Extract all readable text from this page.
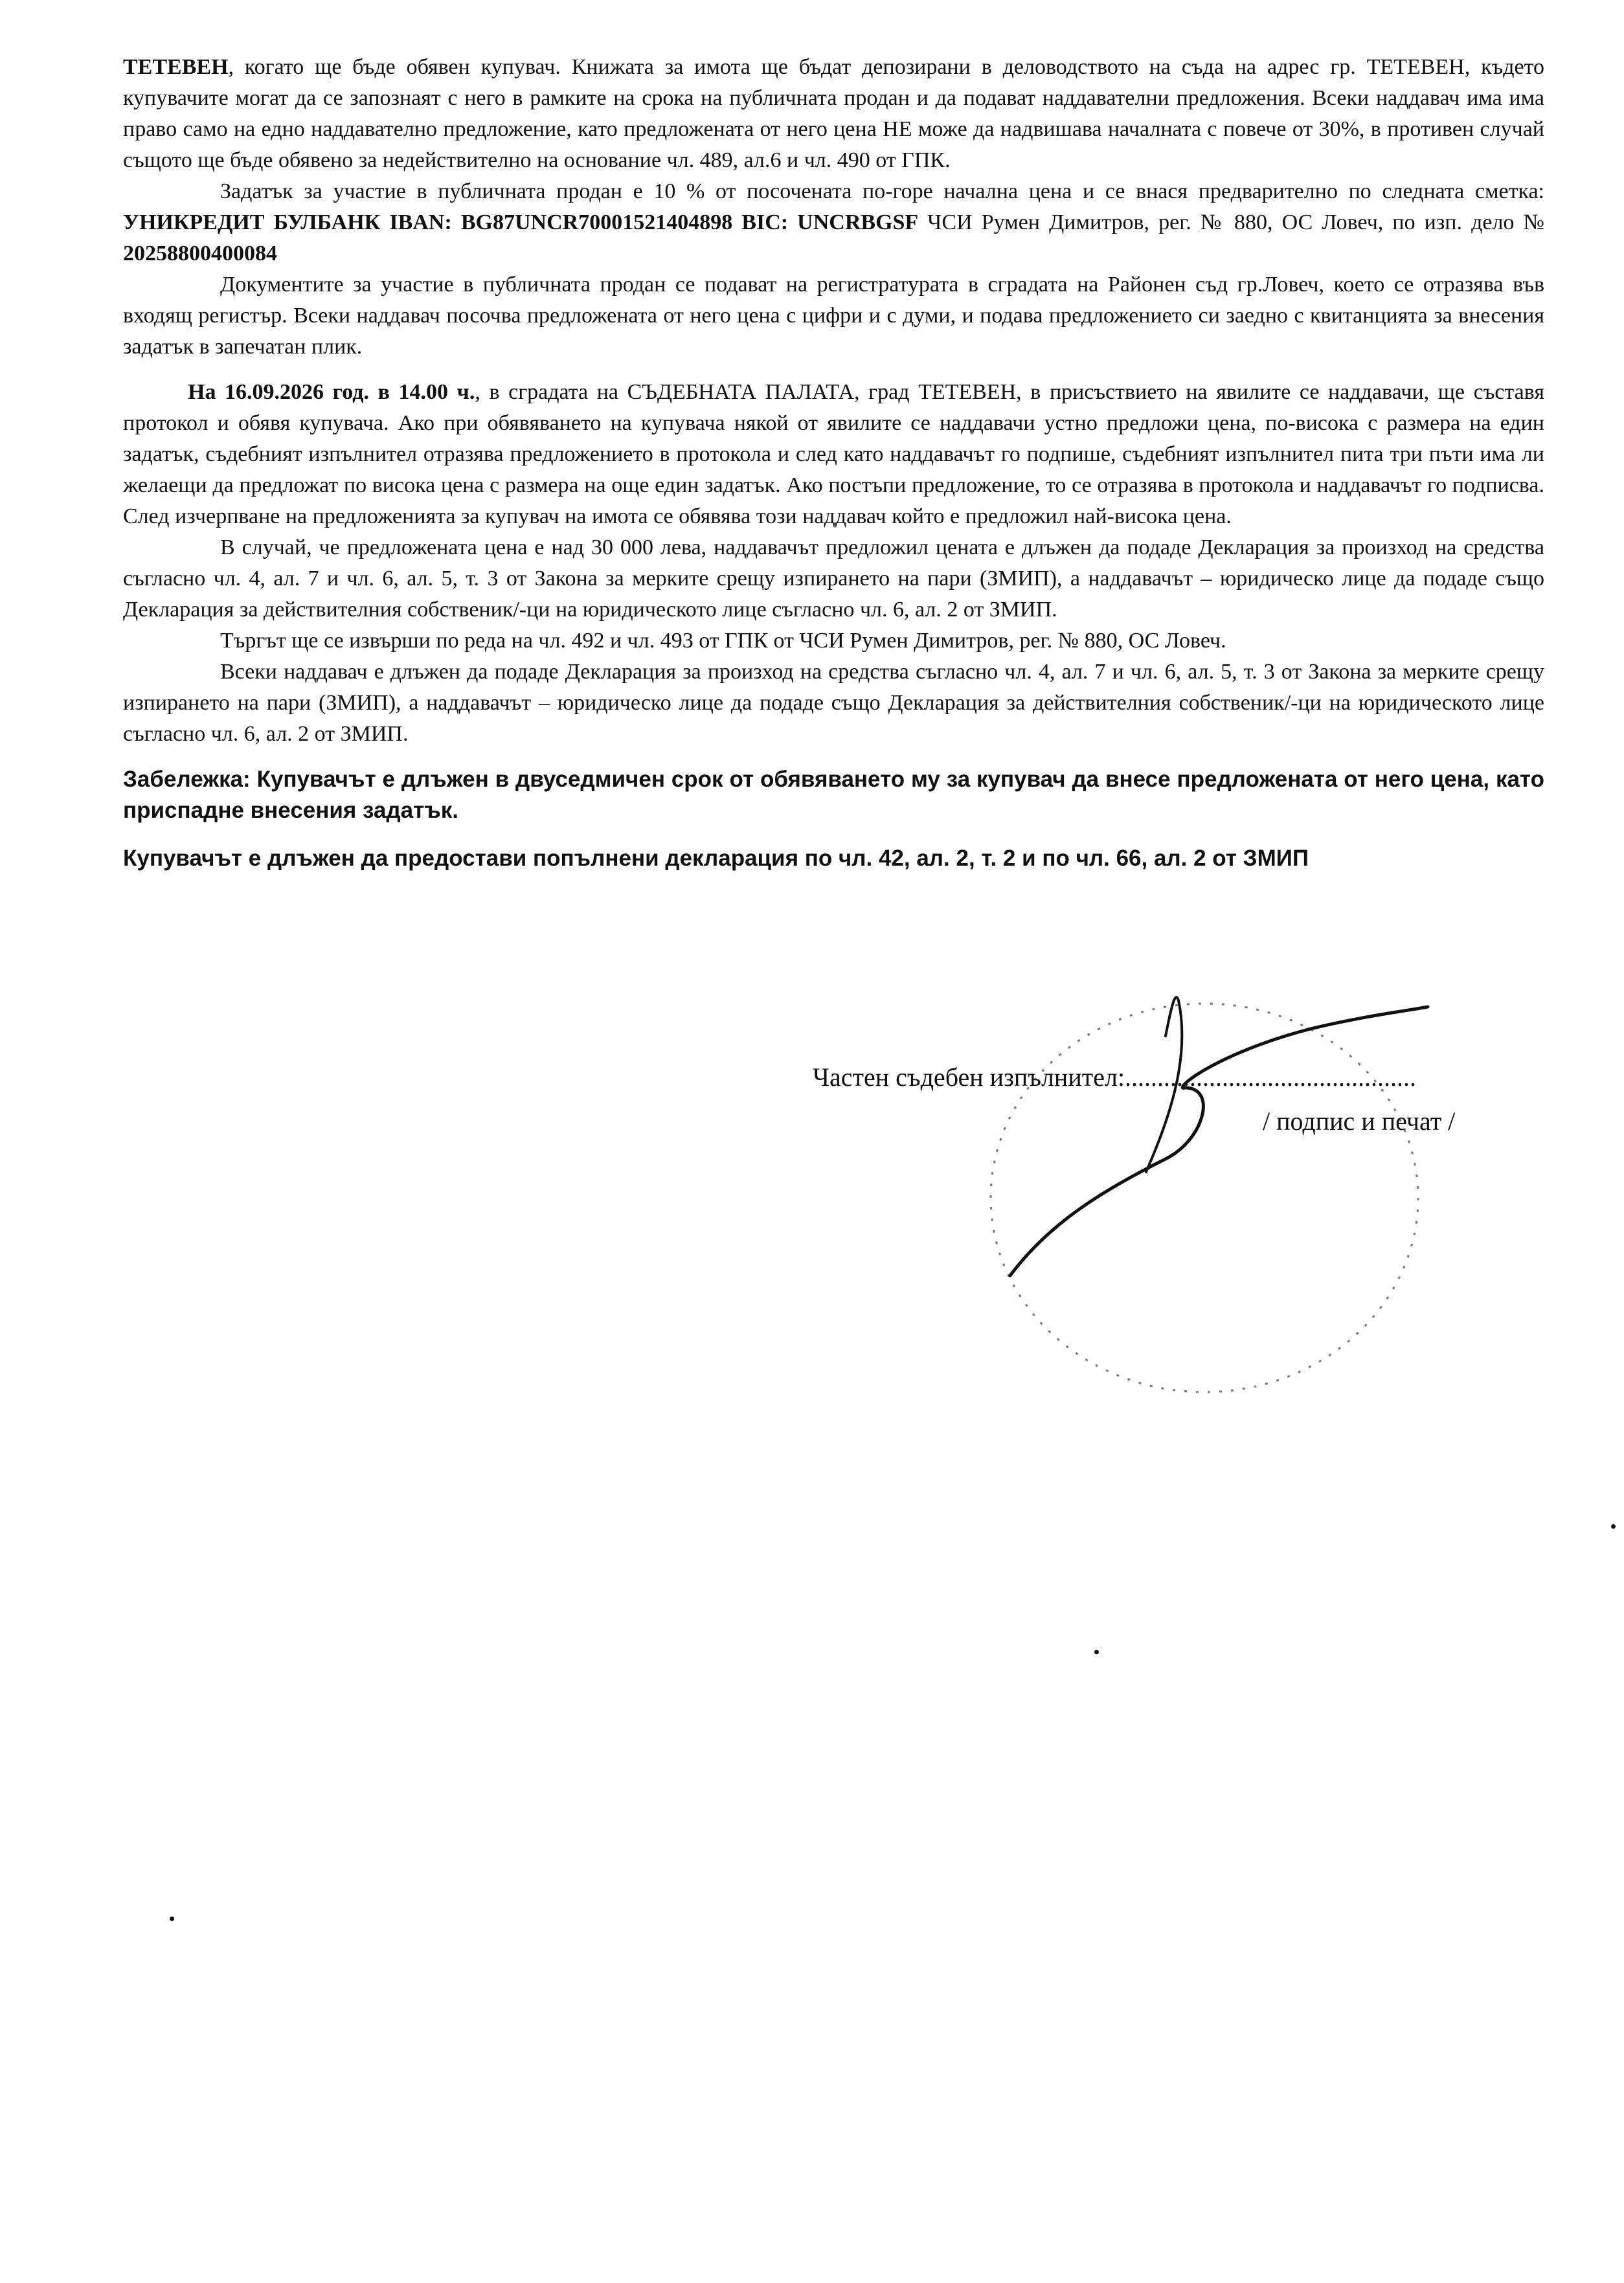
ТЕТЕВЕН, когато ще бъде обявен купувач. Книжата за имота ще бъдат депозирани в деловодството на съда на адрес гр. ТЕТЕВЕН, където купувачите могат да се запознаят с него в рамките на срока на публичната продан и да подават наддавателни предложения. Всеки наддавач има има право само на едно наддавателно предложение, като предложената от него цена НЕ може да надвишава началната с повече от 30%, в противен случай същото ще бъде обявено за недействително на основание чл. 489, ал.6 и чл. 490 от ГПК.

Задатък за участие в публичната продан е 10 % от посочената по-горе начална цена и се внася предварително по следната сметка: УНИКРЕДИТ БУЛБАНК IBAN: BG87UNCR70001521404898 BIC: UNCRBGSF ЧСИ Румен Димитров, рег. № 880, ОС Ловеч, по изп. дело № 20258800400084

Документите за участие в публичната продан се подават на регистратурата в сградата на Районен съд гр.Ловеч, което се отразява във входящ регистър. Всеки наддавач посочва предложената от него цена с цифри и с думи, и подава предложението си заедно с квитанцията за внесения задатък в запечатан плик.

На 16.09.2026 год. в 14.00 ч., в сградата на СЪДЕБНАТА ПАЛАТА, град ТЕТЕВЕН, в присъствието на явилите се наддавачи, ще съставя протокол и обявя купувача. Ако при обявяването на купувача някой от явилите се наддавачи устно предложи цена, по-висока с размера на един задатък, съдебният изпълнител отразява предложението в протокола и след като наддавачът го подпише, съдебният изпълнител пита три пъти има ли желаещи да предложат по висока цена с размера на още един задатък. Ако постъпи предложение, то се отразява в протокола и наддавачът го подписва. След изчерпване на предложенията за купувач на имота се обявява този наддавач който е предложил най-висока цена.

В случай, че предложената цена е над 30 000 лева, наддавачът предложил цената е длъжен да подаде Декларация за произход на средства съгласно чл. 4, ал. 7 и чл. 6, ал. 5, т. 3 от Закона за мерките срещу изпирането на пари (ЗМИП), а наддавачът – юридическо лице да подаде също Декларация за действителния собственик/-ци на юридическото лице съгласно чл. 6, ал. 2 от ЗМИП.

Търгът ще се извърши по реда на чл. 492 и чл. 493 от ГПК от ЧСИ Румен Димитров, рег. № 880, ОС Ловеч.

Всеки наддавач е длъжен да подаде Декларация за произход на средства съгласно чл. 4, ал. 7 и чл. 6, ал. 5, т. 3 от Закона за мерките срещу изпирането на пари (ЗМИП), а наддавачът – юридическо лице да подаде също Декларация за действителния собственик/-ци на юридическото лице съгласно чл. 6, ал. 2 от ЗМИП.

Забележка: Купувачът е длъжен в двуседмичен срок от обявяването му за купувач да внесе предложената от него цена, като приспадне внесения задатък.

Купувачът е длъжен да предостави попълнени декларация по чл. 42, ал. 2, т. 2 и по чл. 66, ал. 2 от ЗМИП

Частен съдебен изпълнител:.............................................
/ подпис и печат /
